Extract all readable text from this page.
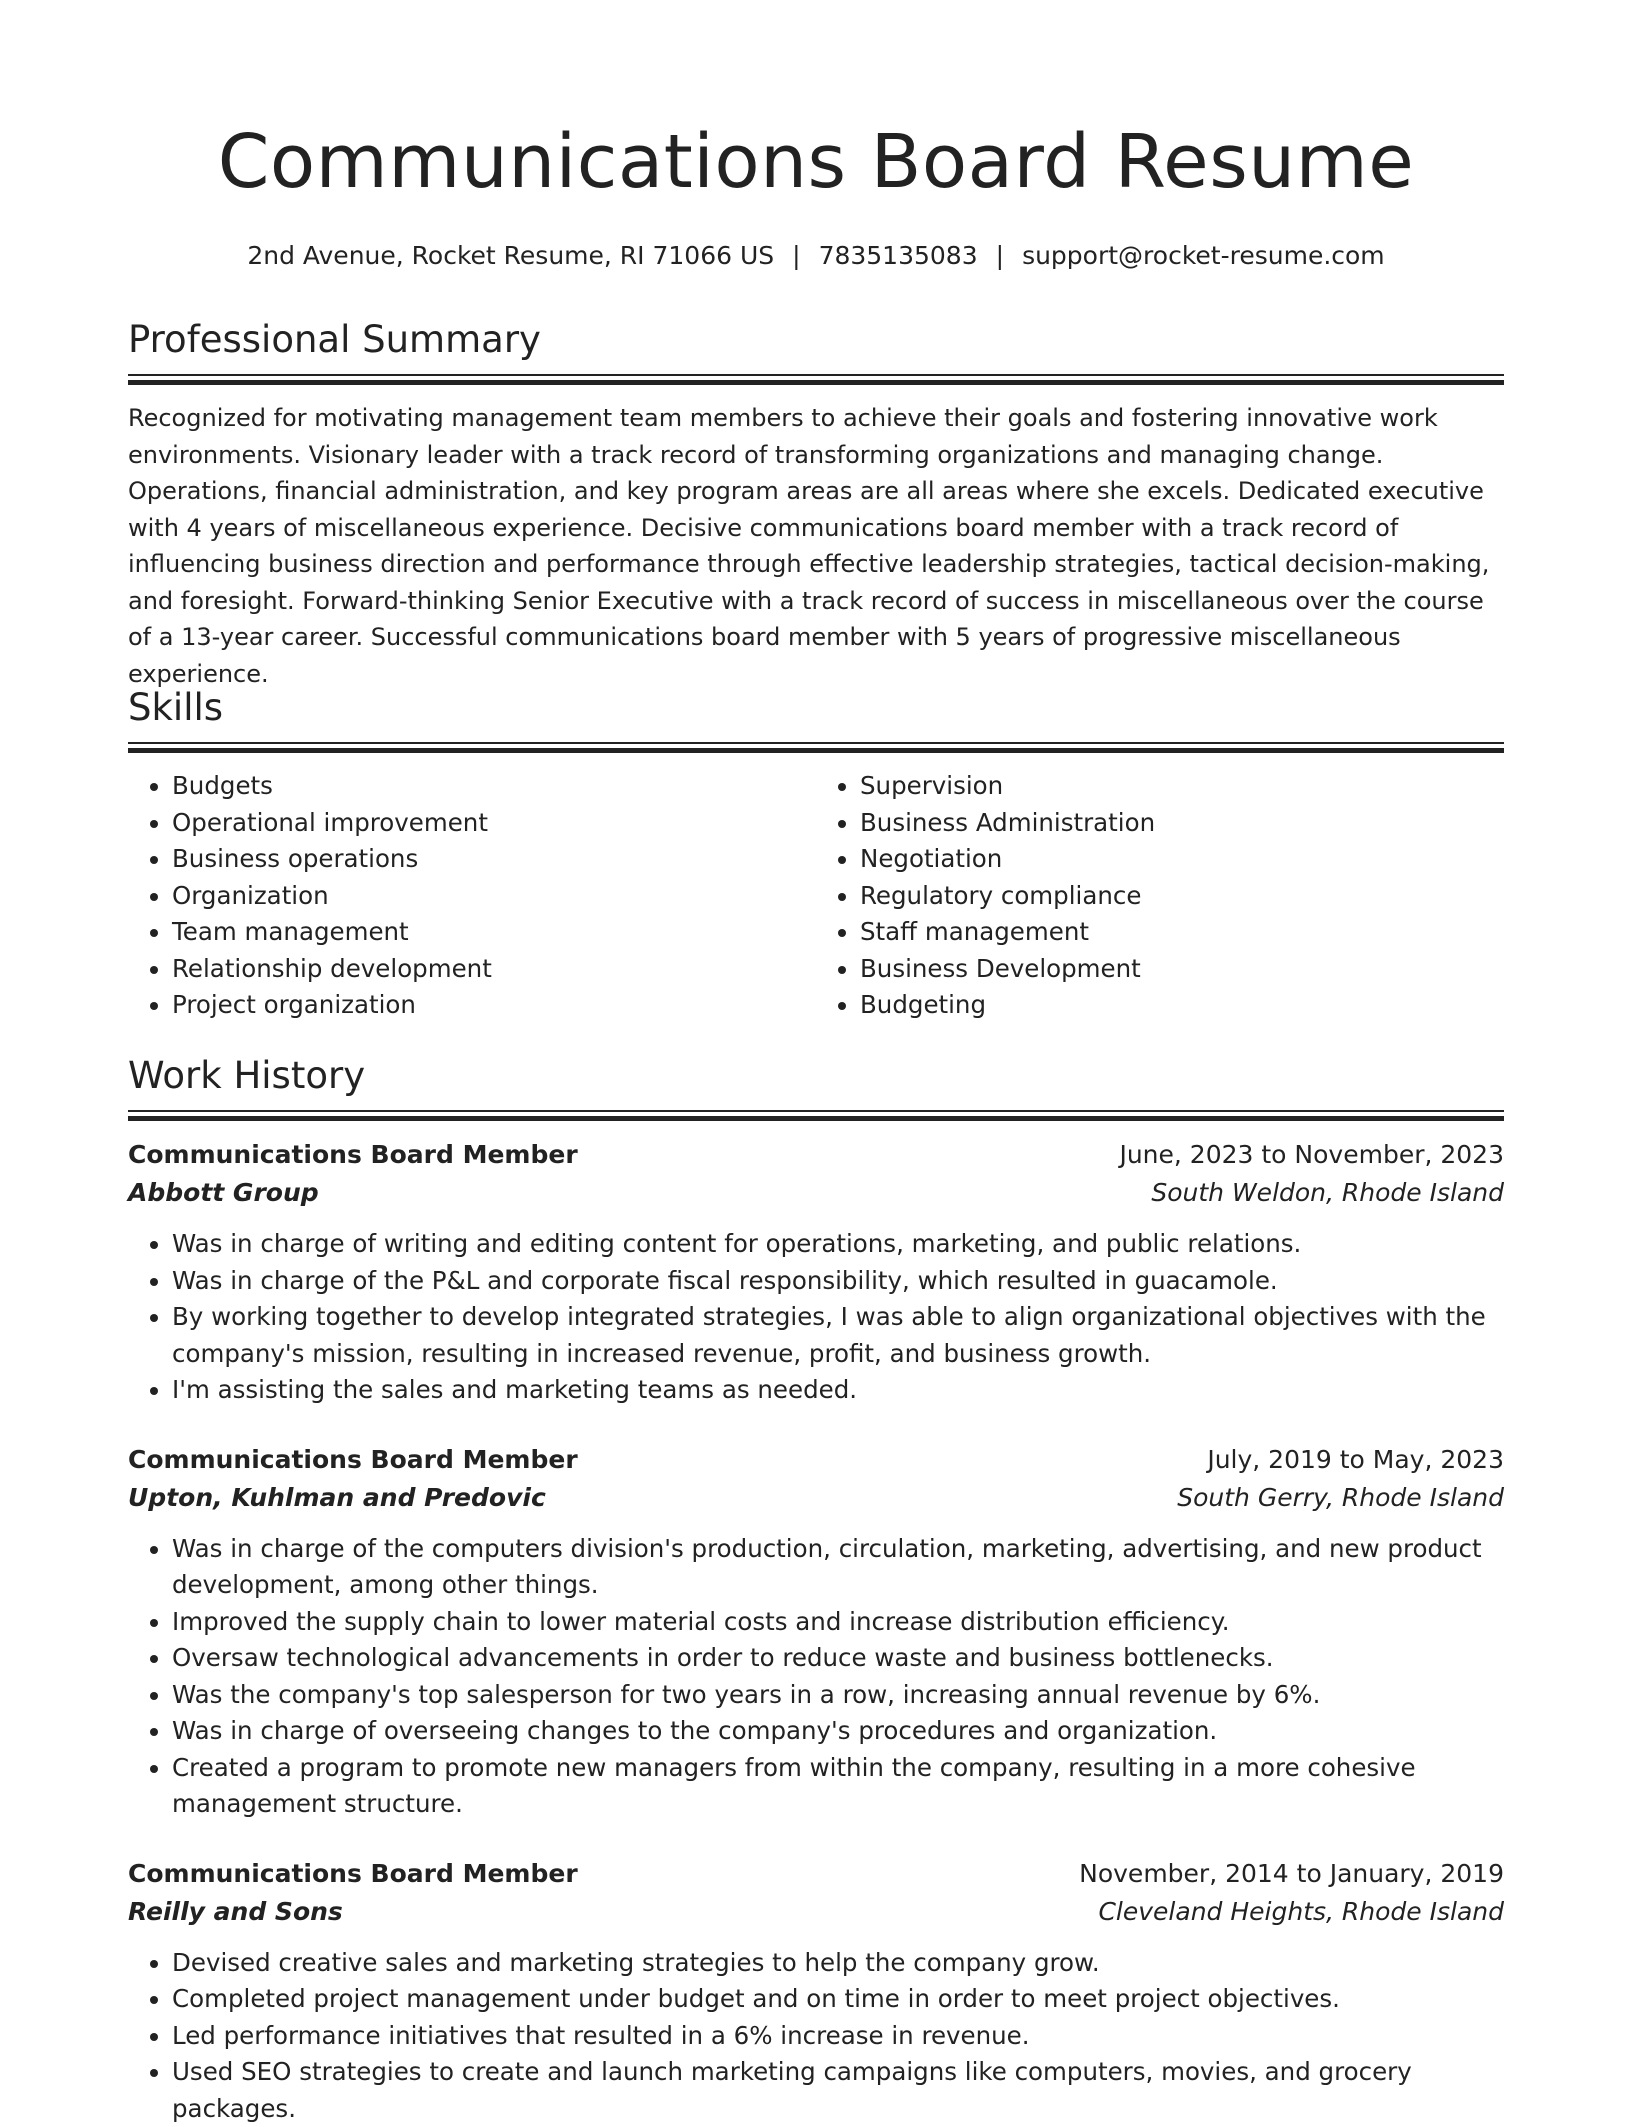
Communications Board Resume
2nd Avenue, Rocket Resume, RI 71066 US | 7835135083 | support@rocket-resume.com
Professional Summary

Recognized for motivating management team members to achieve their goals and fostering innovative work environments. Visionary leader with a track record of transforming organizations and managing change. Operations, financial administration, and key program areas are all areas where she excels. Dedicated executive with 4 years of miscellaneous experience. Decisive communications board member with a track record of influencing business direction and performance through effective leadership strategies, tactical decision-making, and foresight. Forward-thinking Senior Executive with a track record of success in miscellaneous over the course of a 13-year career. Successful communications board member with 5 years of progressive miscellaneous experience.

Skills
• Budgets
• Operational improvement
• Business operations
• Organization
• Team management
• Relationship development
• Project organization
• Supervision
• Business Administration
• Negotiation
• Regulatory compliance
• Staff management
• Business Development
• Budgeting
Work History
Communications Board Member	June, 2023 to November, 2023
Abbott Group	South Weldon, Rhode Island
• Was in charge of writing and editing content for operations, marketing, and public relations.
• Was in charge of the P&L and corporate fiscal responsibility, which resulted in guacamole.
• By working together to develop integrated strategies, I was able to align organizational objectives with the company's mission, resulting in increased revenue, profit, and business growth.
• I'm assisting the sales and marketing teams as needed.
Communications Board Member	July, 2019 to May, 2023
Upton, Kuhlman and Predovic	South Gerry, Rhode Island
• Was in charge of the computers division's production, circulation, marketing, advertising, and new product development, among other things.
• Improved the supply chain to lower material costs and increase distribution efficiency.
• Oversaw technological advancements in order to reduce waste and business bottlenecks.
• Was the company's top salesperson for two years in a row, increasing annual revenue by 6%.
• Was in charge of overseeing changes to the company's procedures and organization.
• Created a program to promote new managers from within the company, resulting in a more cohesive management structure.
Communications Board Member	November, 2014 to January, 2019
Reilly and Sons	Cleveland Heights, Rhode Island
• Devised creative sales and marketing strategies to help the company grow.
• Completed project management under budget and on time in order to meet project objectives.
• Led performance initiatives that resulted in a 6% increase in revenue.
• Used SEO strategies to create and launch marketing campaigns like computers, movies, and grocery packages.
